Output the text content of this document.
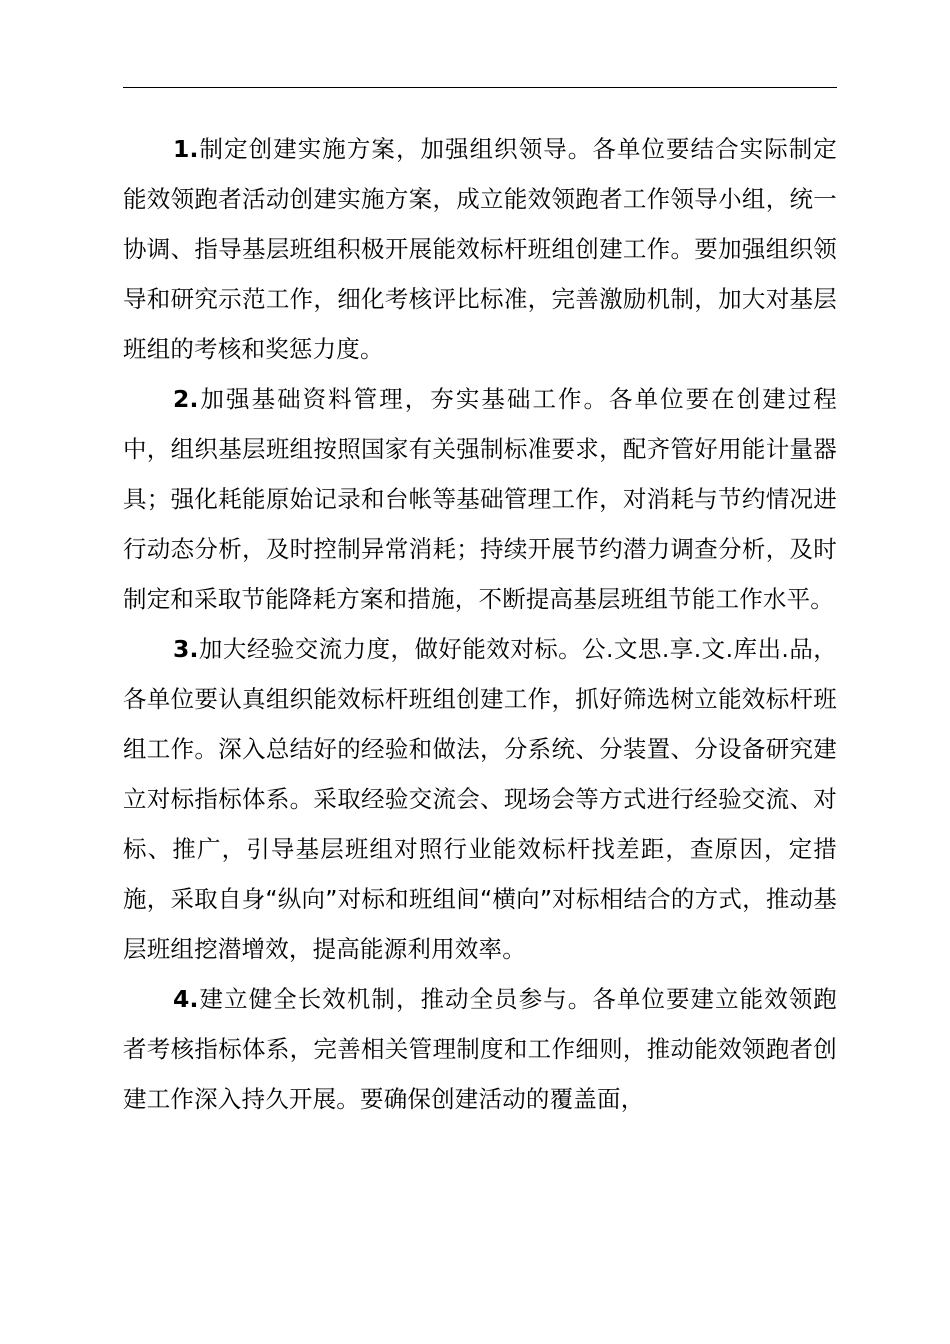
1.制定创建实施方案，加强组织领导。各单位要结合实际制定能效领跑者活动创建实施方案，成立能效领跑者工作领导小组，统一协调、指导基层班组积极开展能效标杆班组创建工作。要加强组织领导和研究示范工作，细化考核评比标准，完善激励机制，加大对基层班组的考核和奖惩力度。

2.加强基础资料管理，夯实基础工作。各单位要在创建过程中，组织基层班组按照国家有关强制标准要求，配齐管好用能计量器具；强化耗能原始记录和台帐等基础管理工作，对消耗与节约情况进行动态分析，及时控制异常消耗；持续开展节约潜力调查分析，及时制定和采取节能降耗方案和措施，不断提高基层班组节能工作水平。

3.加大经验交流力度，做好能效对标。公.文思.享.文.库出.品，各单位要认真组织能效标杆班组创建工作，抓好筛选树立能效标杆班组工作。深入总结好的经验和做法，分系统、分装置、分设备研究建立对标指标体系。采取经验交流会、现场会等方式进行经验交流、对标、推广，引导基层班组对照行业能效标杆找差距，查原因，定措施，采取自身“纵向”对标和班组间“横向”对标相结合的方式，推动基层班组挖潜增效，提高能源利用效率。

4.建立健全长效机制，推动全员参与。各单位要建立能效领跑者考核指标体系，完善相关管理制度和工作细则，推动能效领跑者创建工作深入持久开展。要确保创建活动的覆盖面，
